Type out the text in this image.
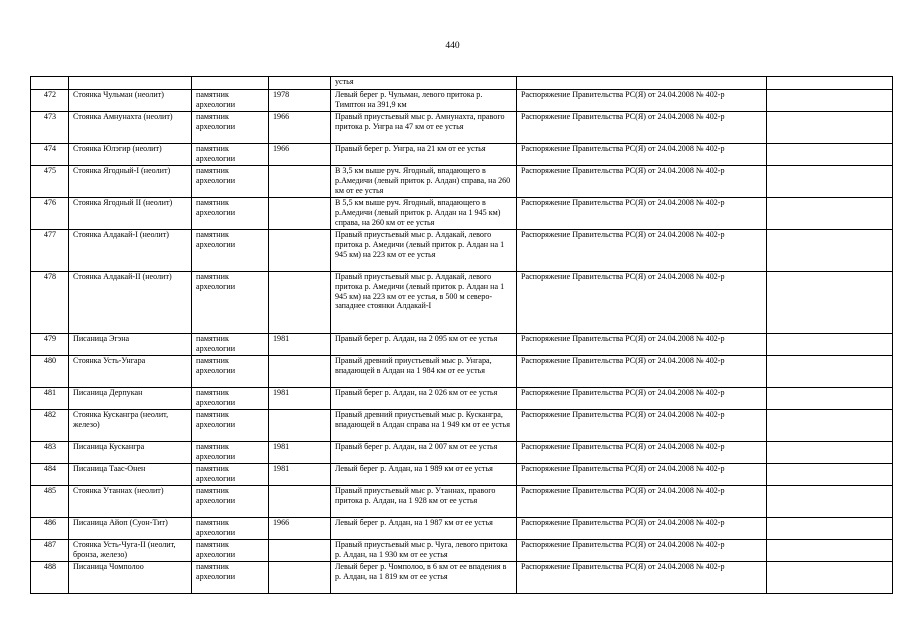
440
				устья		
472	Стоянка Чульман (неолит)	памятник археологии	1978	Левый берег р. Чульман, левого притока р. Тимптон на 391,9 км	Распоряжение Правительства РС(Я) от 24.04.2008 № 402-р	
473	Стоянка Амнунахта (неолит)	памятник археологии	1966	Правый приустьевый мыс р. Амнунахта, правого притока р. Унгра на 47 км от ее устья	Распоряжение Правительства РС(Я) от 24.04.2008 № 402-р	
474	Стоянка Юлэгир (неолит)	памятник археологии	1966	Правый берег р. Унгра, на 21 км от ее устья	Распоряжение Правительства РС(Я) от 24.04.2008 № 402-р	
475	Стоянка Ягодный-I (неолит)	памятник археологии		В 3,5 км выше руч. Ягодный, впадающего в р.Амедичи (левый приток р. Алдан) справа, на 260 км от ее устья	Распоряжение Правительства РС(Я) от 24.04.2008 № 402-р	
476	Стоянка Ягодный II (неолит)	памятник археологии		В 5,5 км выше руч. Ягодный, впадающего в р.Амедичи (левый приток р. Алдан на 1 945 км) справа, на 260 км от ее устья	Распоряжение Правительства РС(Я) от 24.04.2008 № 402-р	
477	Стоянка Алдакай-I (неолит)	памятник археологии		Правый приустьевый мыс р. Алдакай, левого притока р. Амедичи (левый приток р. Алдан на 1 945 км) на 223 км от ее устья	Распоряжение Правительства РС(Я) от 24.04.2008 № 402-р	
478	Стоянка Алдакай-II (неолит)	памятник археологии		Правый приустьевый мыс р. Алдакай, левого притока р. Амедичи (левый приток р. Алдан на 1 945 км) на 223 км от ее устья, в 500 м северо-западнее стоянки Алдакай-I	Распоряжение Правительства РС(Я) от 24.04.2008 № 402-р	
479	Писаница Эгэна	памятник археологии	1981	Правый берег р. Алдан, на 2 095 км от ее устья	Распоряжение Правительства РС(Я) от 24.04.2008 № 402-р	
480	Стоянка Усть-Унгара	памятник археологии		Правый древний приустьевый мыс р. Унгара, впадающей в Алдан на 1 984 км от ее устья	Распоряжение Правительства РС(Я) от 24.04.2008 № 402-р	
481	Писаница Дерпукан	памятник археологии	1981	Правый берег р. Алдан, на 2 026 км от ее устья	Распоряжение Правительства РС(Я) от 24.04.2008 № 402-р	
482	Стоянка Кускангра (неолит, железо)	памятник археологии		Правый древний приустьевый мыс р. Кускангра, впадающей в Алдан справа на 1 949 км от ее устья	Распоряжение Правительства РС(Я) от 24.04.2008 № 402-р	
483	Писаница Кускангра	памятник археологии	1981	Правый берег р. Алдан, на 2 007 км от ее устья	Распоряжение Правительства РС(Я) от 24.04.2008 № 402-р	
484	Писаница Таас-Онен	памятник археологии	1981	Левый берег р. Алдан, на 1 989 км от ее устья	Распоряжение Правительства РС(Я) от 24.04.2008 № 402-р	
485	Стоянка Утаннах (неолит)	памятник археологии		Правый приустьевый мыс р. Утаннах, правого притока р. Алдан, на 1 928 км от ее устья	Распоряжение Правительства РС(Я) от 24.04.2008 № 402-р	
486	Писаница Айоп (Суон-Тит)	памятник археологии	1966	Левый берег р. Алдан, на 1 987 км от ее устья	Распоряжение Правительства РС(Я) от 24.04.2008 № 402-р	
487	Стоянка Усть-Чуга-II (неолит, бронза, железо)	памятник археологии		Правый приустьевый мыс р. Чуга, левого притока р. Алдан, на 1 930 км от ее устья	Распоряжение Правительства РС(Я) от 24.04.2008 № 402-р	
488	Писаница Чомполоо	памятник археологии		Левый берег р. Чомполоо, в 6 км от ее впадения в р. Алдан, на 1 819 км от ее устья	Распоряжение Правительства РС(Я) от 24.04.2008 № 402-р	
